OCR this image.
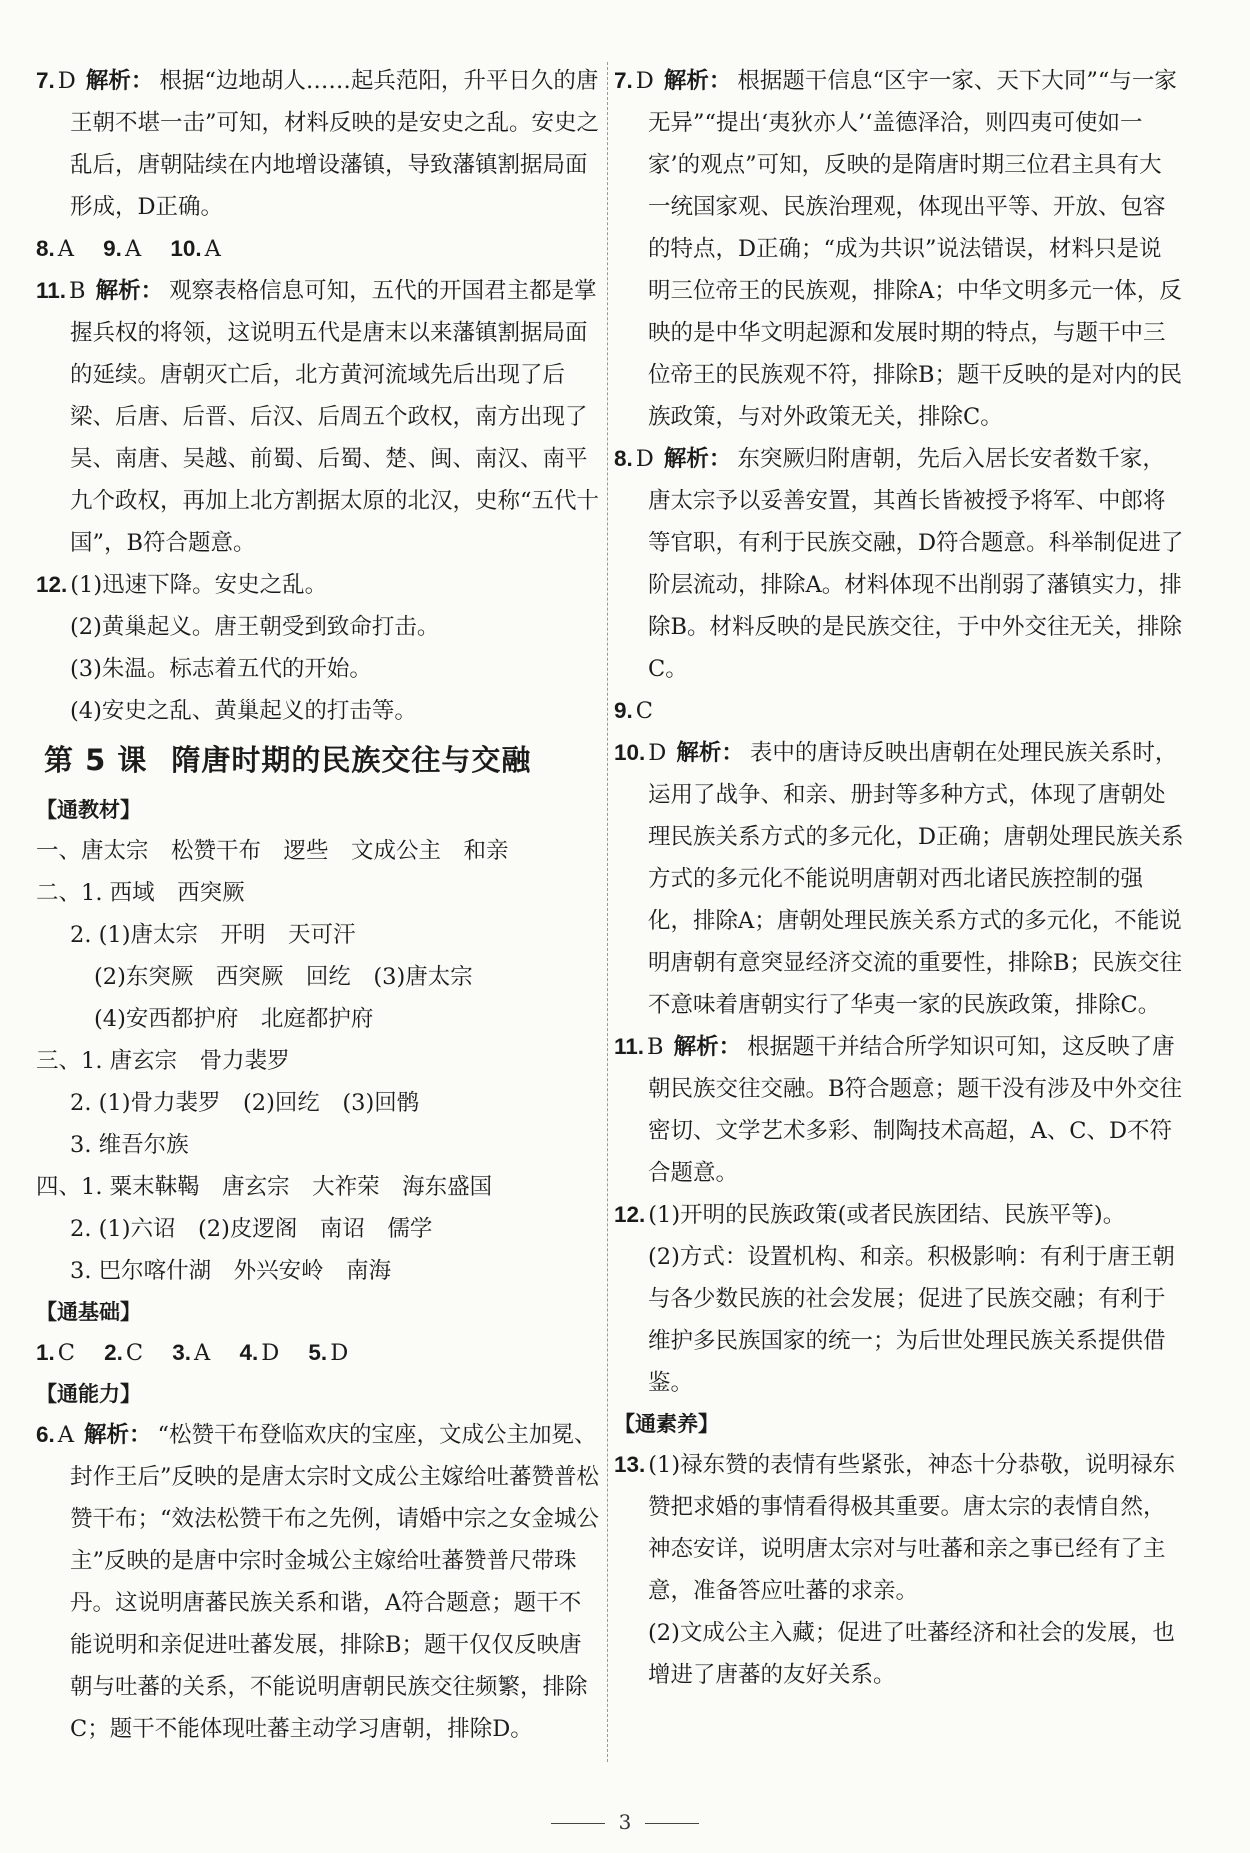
7. D 解析： 根据“边地胡人……起兵范阳，升平日久的唐王朝不堪一击”可知，材料反映的是安史之乱。安史之乱后，唐朝陆续在内地增设藩镇，导致藩镇割据局面形成，D正确。
8. A 9. A 10. A
11. B 解析： 观察表格信息可知，五代的开国君主都是掌握兵权的将领，这说明五代是唐末以来藩镇割据局面的延续。唐朝灭亡后，北方黄河流域先后出现了后梁、后唐、后晋、后汉、后周五个政权，南方出现了吴、南唐、吴越、前蜀、后蜀、楚、闽、南汉、南平九个政权，再加上北方割据太原的北汉，史称“五代十国”，B符合题意。
12. (1)迅速下降。安史之乱。
(2)黄巢起义。唐王朝受到致命打击。
(3)朱温。标志着五代的开始。
(4)安史之乱、黄巢起义的打击等。
第 5 课 隋唐时期的民族交往与交融
【通教材】
一、唐太宗　松赞干布　逻些　文成公主　和亲
二、1. 西域　西突厥
2. (1)唐太宗　开明　天可汗
(2)东突厥　西突厥　回纥　(3)唐太宗
(4)安西都护府　北庭都护府
三、1. 唐玄宗　骨力裴罗
2. (1)骨力裴罗　(2)回纥　(3)回鹘
3. 维吾尔族
四、1. 粟末靺鞨　唐玄宗　大祚荣　海东盛国
2. (1)六诏　(2)皮逻阁　南诏　儒学
3. 巴尔喀什湖　外兴安岭　南海
【通基础】
1. C 2. C 3. A 4. D 5. D
【通能力】
6. A 解析： “松赞干布登临欢庆的宝座，文成公主加冕、封作王后”反映的是唐太宗时文成公主嫁给吐蕃赞普松赞干布；“效法松赞干布之先例，请婚中宗之女金城公主”反映的是唐中宗时金城公主嫁给吐蕃赞普尺带珠丹。这说明唐蕃民族关系和谐，A符合题意；题干不能说明和亲促进吐蕃发展，排除B；题干仅仅反映唐朝与吐蕃的关系，不能说明唐朝民族交往频繁，排除C；题干不能体现吐蕃主动学习唐朝，排除D。
7. D 解析： 根据题干信息“区宇一家、天下大同”“与一家无异”“提出‘夷狄亦人’‘盖德泽洽，则四夷可使如一家’的观点”可知，反映的是隋唐时期三位君主具有大一统国家观、民族治理观，体现出平等、开放、包容的特点，D正确；“成为共识”说法错误，材料只是说明三位帝王的民族观，排除A；中华文明多元一体，反映的是中华文明起源和发展时期的特点，与题干中三位帝王的民族观不符，排除B；题干反映的是对内的民族政策，与对外政策无关，排除C。
8. D 解析： 东突厥归附唐朝，先后入居长安者数千家，唐太宗予以妥善安置，其酋长皆被授予将军、中郎将等官职，有利于民族交融，D符合题意。科举制促进了阶层流动，排除A。材料体现不出削弱了藩镇实力，排除B。材料反映的是民族交往，于中外交往无关，排除C。
9. C
10. D 解析： 表中的唐诗反映出唐朝在处理民族关系时，运用了战争、和亲、册封等多种方式，体现了唐朝处理民族关系方式的多元化，D正确；唐朝处理民族关系方式的多元化不能说明唐朝对西北诸民族控制的强化，排除A；唐朝处理民族关系方式的多元化，不能说明唐朝有意突显经济交流的重要性，排除B；民族交往不意味着唐朝实行了华夷一家的民族政策，排除C。
11. B 解析： 根据题干并结合所学知识可知，这反映了唐朝民族交往交融。B符合题意；题干没有涉及中外交往密切、文学艺术多彩、制陶技术高超，A、C、D不符合题意。
12. (1)开明的民族政策(或者民族团结、民族平等)。
(2)方式：设置机构、和亲。积极影响：有利于唐王朝与各少数民族的社会发展；促进了民族交融；有利于维护多民族国家的统一；为后世处理民族关系提供借鉴。
【通素养】
13. (1)禄东赞的表情有些紧张，神态十分恭敬，说明禄东赞把求婚的事情看得极其重要。唐太宗的表情自然，神态安详，说明唐太宗对与吐蕃和亲之事已经有了主意，准备答应吐蕃的求亲。
(2)文成公主入藏；促进了吐蕃经济和社会的发展，也增进了唐蕃的友好关系。
3
